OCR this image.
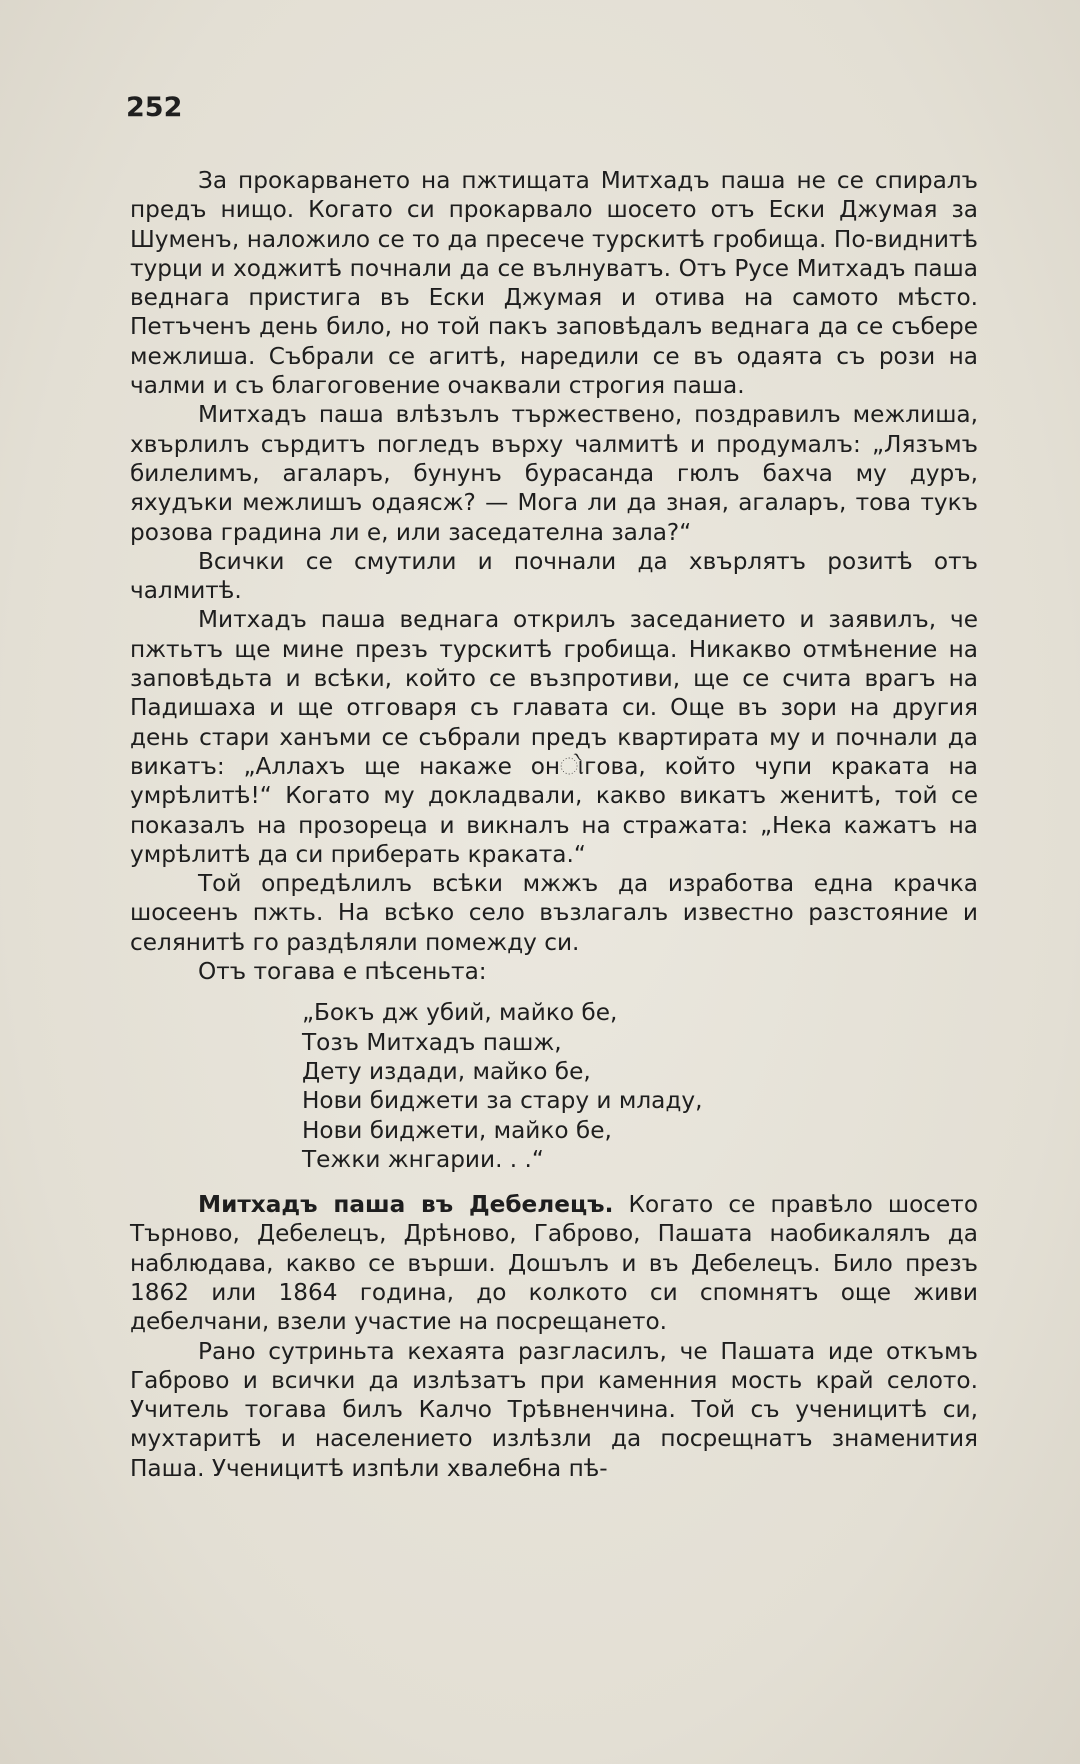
252

За прокарването на пжтищата Митхадъ паша не се спиралъ предъ нищо. Когато си прокарвало шосето отъ Ески Джумая за Шуменъ, наложило се то да пресече турскитѣ гробища. По-виднитѣ турци и ходжитѣ почнали да се вълнуватъ. Отъ Русе Митхадъ паша веднага пристига въ Ески Джумая и отива на самото мѣсто. Петъченъ день било, но той пакъ заповѣдалъ веднага да се събере межлиша. Събрали се агитѣ, наредили се въ одаята съ рози на чалми и съ благоговение очаквали строгия паша.

Митхадъ паша влѣзълъ тържествено, поздравилъ межлиша, хвърлилъ сърдитъ погледъ върху чалмитѣ и продумалъ: „Лязъмъ билелимъ, агаларъ, бунунъ бурасанда гюлъ бахча му дуръ, яхудъки межлишъ одаясж? — Мога ли да зная, агаларъ, това тукъ розова градина ли е, или заседателна зала?“

Всички се смутили и почнали да хвърлятъ розитѣ отъ чалмитѣ.

Митхадъ паша веднага открилъ заседанието и заявилъ, че пжтьтъ ще мине презъ турскитѣ гробища. Никакво отмѣнение на заповѣдьта и всѣки, който се възпротиви, ще се счита врагъ на Падишаха и ще отговаря съ главата си. Още въ зори на другия день стари ханъми се събрали предъ квартирата му и почнали да викатъ: „Аллахъ ще накаже онોгова, който чупи краката на умрѣлитѣ!“ Когато му докладвали, какво викатъ женитѣ, той се показалъ на прозореца и викналъ на стражата: „Нека кажатъ на умрѣлитѣ да си приберать краката.“

Той опредѣлилъ всѣки мжжъ да изработва една крачка шосеенъ пжть. На всѣко село възлагалъ известно разстояние и селянитѣ го раздѣляли помежду си.

Отъ тогава е пѣсеньта:

„Бокъ дж убий, майко бе,
Тозъ Митхадъ пашж,
Дету издади, майко бе,
Нови биджети за стару и младу,
Нови биджети, майко бе,
Тежки жнгарии. . .“

Митхадъ паша въ Дебелецъ. Когато се правѣло шосето Търново, Дебелецъ, Дрѣново, Габрово, Пашата наобикалялъ да наблюдава, какво се върши. Дошълъ и въ Дебелецъ. Било презъ 1862 или 1864 година, до колкото си спомнятъ още живи дебелчани, взели участие на посрещането.

Рано сутриньта кехаята разгласилъ, че Пашата иде откъмъ Габрово и всички да излѣзатъ при каменния мость край селото. Учитель тогава билъ Калчо Трѣвненчина. Той съ ученицитѣ си, мухтаритѣ и населението излѣзли да посрещнатъ знаменития Паша. Ученицитѣ изпѣли хвалебна пѣ-
